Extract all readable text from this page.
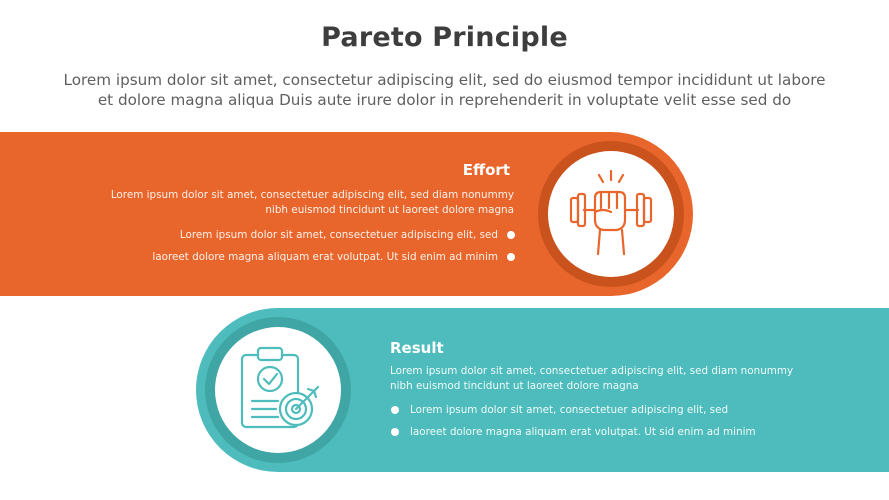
Pareto Principle
Lorem ipsum dolor sit amet, consectetur adipiscing elit, sed do eiusmod tempor incididunt ut labore
et dolore magna aliqua Duis aute irure dolor in reprehenderit in voluptate velit esse sed do
Effort
Lorem ipsum dolor sit amet, consectetuer adipiscing elit, sed diam nonummy
nibh euismod tincidunt ut laoreet dolore magna
Lorem ipsum dolor sit amet, consectetuer adipiscing elit, sed
laoreet dolore magna aliquam erat volutpat. Ut sid enim ad minim
Result
Lorem ipsum dolor sit amet, consectetuer adipiscing elit, sed diam nonummy
nibh euismod tincidunt ut laoreet dolore magna
Lorem ipsum dolor sit amet, consectetuer adipiscing elit, sed
laoreet dolore magna aliquam erat volutpat. Ut sid enim ad minim
